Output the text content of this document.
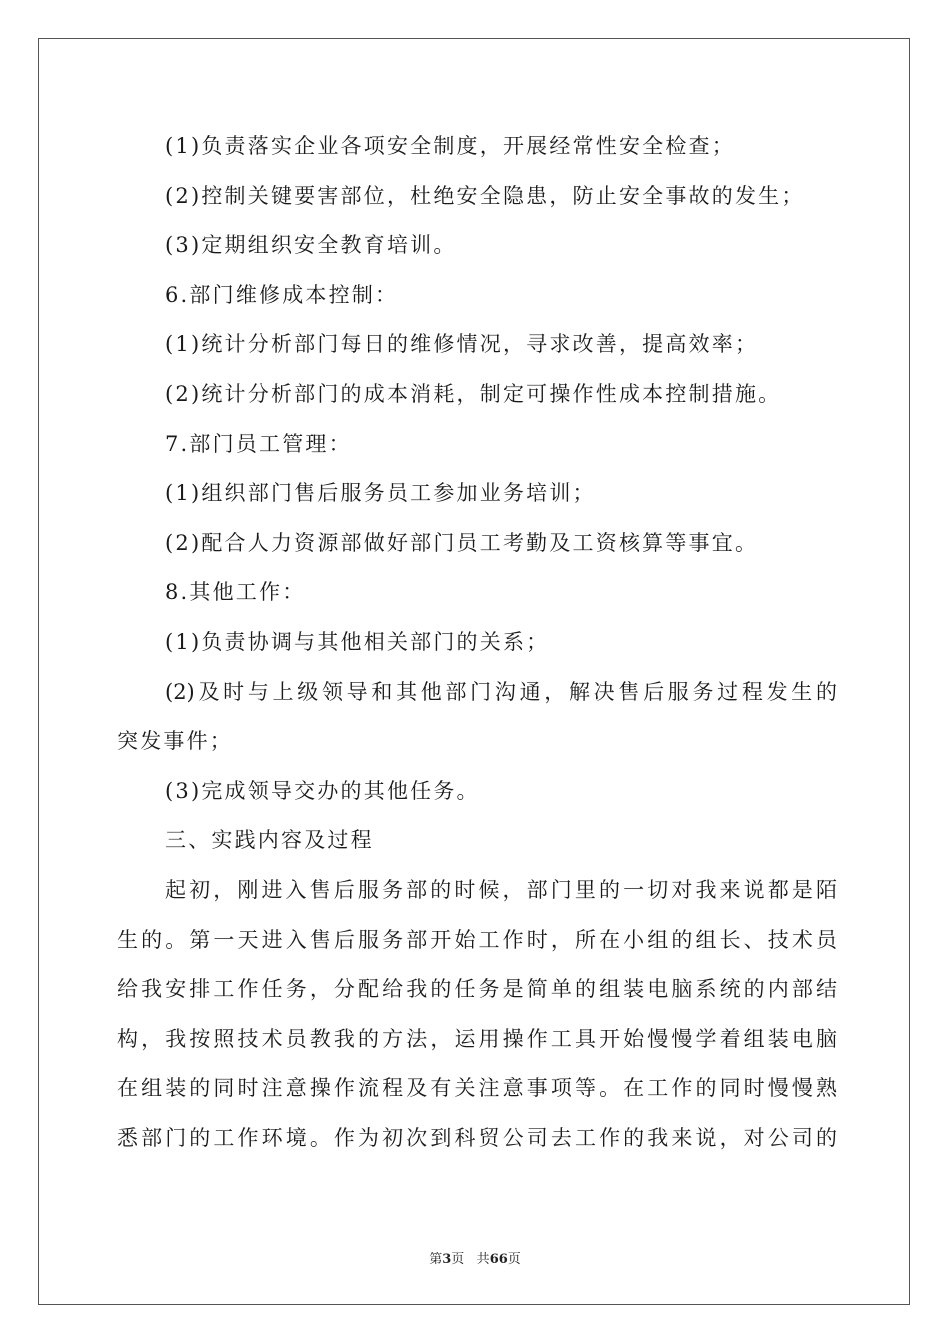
(1)负责落实企业各项安全制度，开展经常性安全检查；
(2)控制关键要害部位，杜绝安全隐患，防止安全事故的发生；
(3)定期组织安全教育培训。
6.部门维修成本控制：
(1)统计分析部门每日的维修情况，寻求改善，提高效率；
(2)统计分析部门的成本消耗，制定可操作性成本控制措施。
7.部门员工管理：
(1)组织部门售后服务员工参加业务培训；
(2)配合人力资源部做好部门员工考勤及工资核算等事宜。
8.其他工作：
(1)负责协调与其他相关部门的关系；
(2)及时与上级领导和其他部门沟通，解决售后服务过程发生的
突发事件；
(3)完成领导交办的其他任务。
三、实践内容及过程
起初，刚进入售后服务部的时候，部门里的一切对我来说都是陌
生的。第一天进入售后服务部开始工作时，所在小组的组长、技术员
给我安排工作任务，分配给我的任务是简单的组装电脑系统的内部结
构，我按照技术员教我的方法，运用操作工具开始慢慢学着组装电脑
在组装的同时注意操作流程及有关注意事项等。在工作的同时慢慢熟
悉部门的工作环境。作为初次到科贸公司去工作的我来说，对公司的
第3页 共66页
